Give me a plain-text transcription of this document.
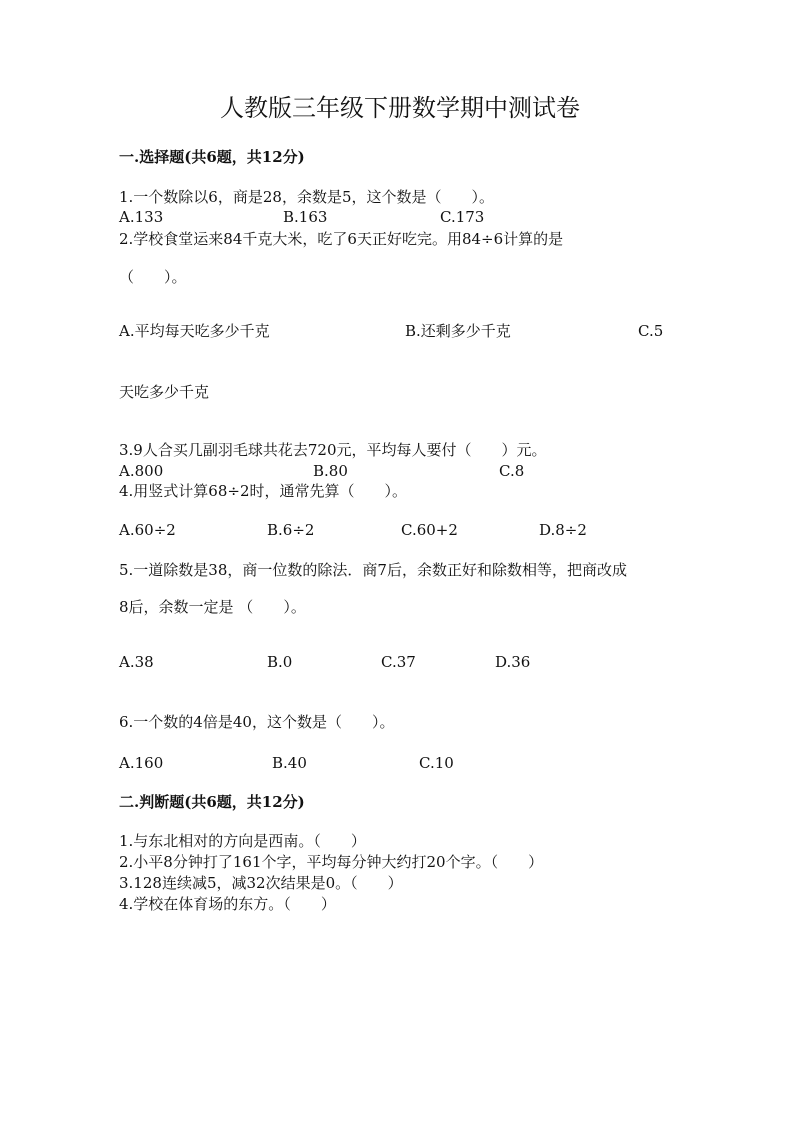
人教版三年级下册数学期中测试卷
一.选择题(共6题，共12分)
1.一个数除以6，商是28，余数是5，这个数是（　　）。
A.133	B.163	C.173
2.学校食堂运来84千克大米，吃了6天正好吃完。用84÷6计算的是
（　　）。
A.平均每天吃多少千克	B.还剩多少千克	C.5
天吃多少千克
3.9人合买几副羽毛球共花去720元，平均每人要付（　　）元。
A.800	B.80	C.8
4.用竖式计算68÷2时，通常先算（　　）。
A.60÷2	B.6÷2	C.60+2	D.8÷2
5.一道除数是38，商一位数的除法．商7后，余数正好和除数相等，把商改成
8后，余数一定是 （　　）。
A.38	B.0	C.37	D.36
6.一个数的4倍是40，这个数是（　　）。
A.160	B.40	C.10
二.判断题(共6题，共12分)
1.与东北相对的方向是西南。（　　）
2.小平8分钟打了161个字，平均每分钟大约打20个字。（　　）
3.128连续减5，减32次结果是0。（　　）
4.学校在体育场的东方。（　　）
